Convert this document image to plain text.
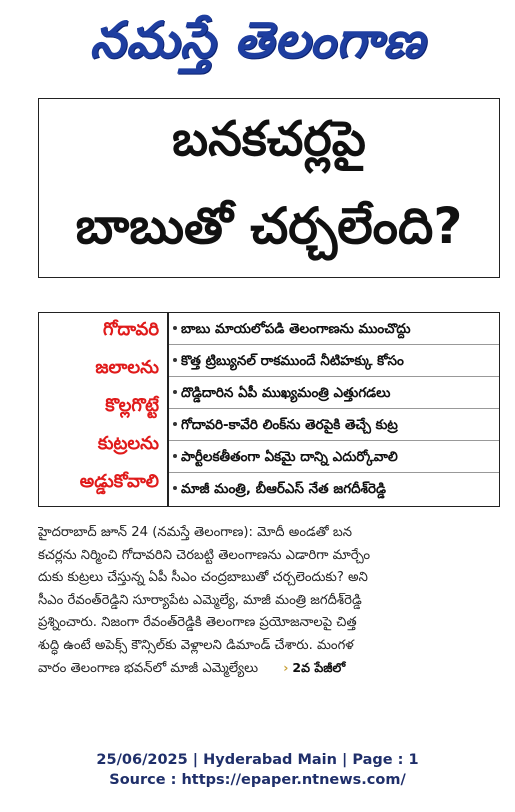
నమస్తే తెలంగాణ
బనకచర్లపై
బాబుతో చర్చలేంది?
గోదావరి
జలాలను
కొల్లగొట్టే
కుట్రలను
అడ్డుకోవాలి
బాబు మాయలోపడి తెలంగాణను ముంచొద్దు
కొత్త ట్రిబ్యునల్ రాకముందే నీటిహక్కు కోసం
దొడ్డిదారిన ఏపీ ముఖ్యమంత్రి ఎత్తుగడలు
గోదావరి-కావేరి లింక్‌ను తెరపైకి తెచ్చే కుట్ర
పార్టీలకతీతంగా ఏకమై దాన్ని ఎదుర్కోవాలి
మాజీ మంత్రి, బీఆర్‌ఎస్ నేత జగదీశ్‌రెడ్డి
హైదరాబాద్ జూన్ 24 (నమస్తే తెలంగాణ): మోదీ అండతో బన
కచర్లను నిర్మించి గోదావరిని చెరబట్టి తెలంగాణను ఎడారిగా మార్చేం
దుకు కుట్రలు చేస్తున్న ఏపీ సీఎం చంద్రబాబుతో చర్చలెందుకు? అని
సీఎం రేవంత్‌రెడ్డిని సూర్యాపేట ఎమ్మెల్యే, మాజీ మంత్రి జగదీశ్‌రెడ్డి
ప్రశ్నించారు. నిజంగా రేవంత్‌రెడ్డికి తెలంగాణ ప్రయోజనాలపై చిత్త
శుద్ధి ఉంటే అపెక్స్ కౌన్సిల్‌కు వెళ్లాలని డిమాండ్ చేశారు. మంగళ
వారం తెలంగాణ భవన్‌లో మాజీ ఎమ్మెల్యేలు › 2వ పేజీలో
25/06/2025 | Hyderabad Main | Page : 1
Source : https://epaper.ntnews.com/
